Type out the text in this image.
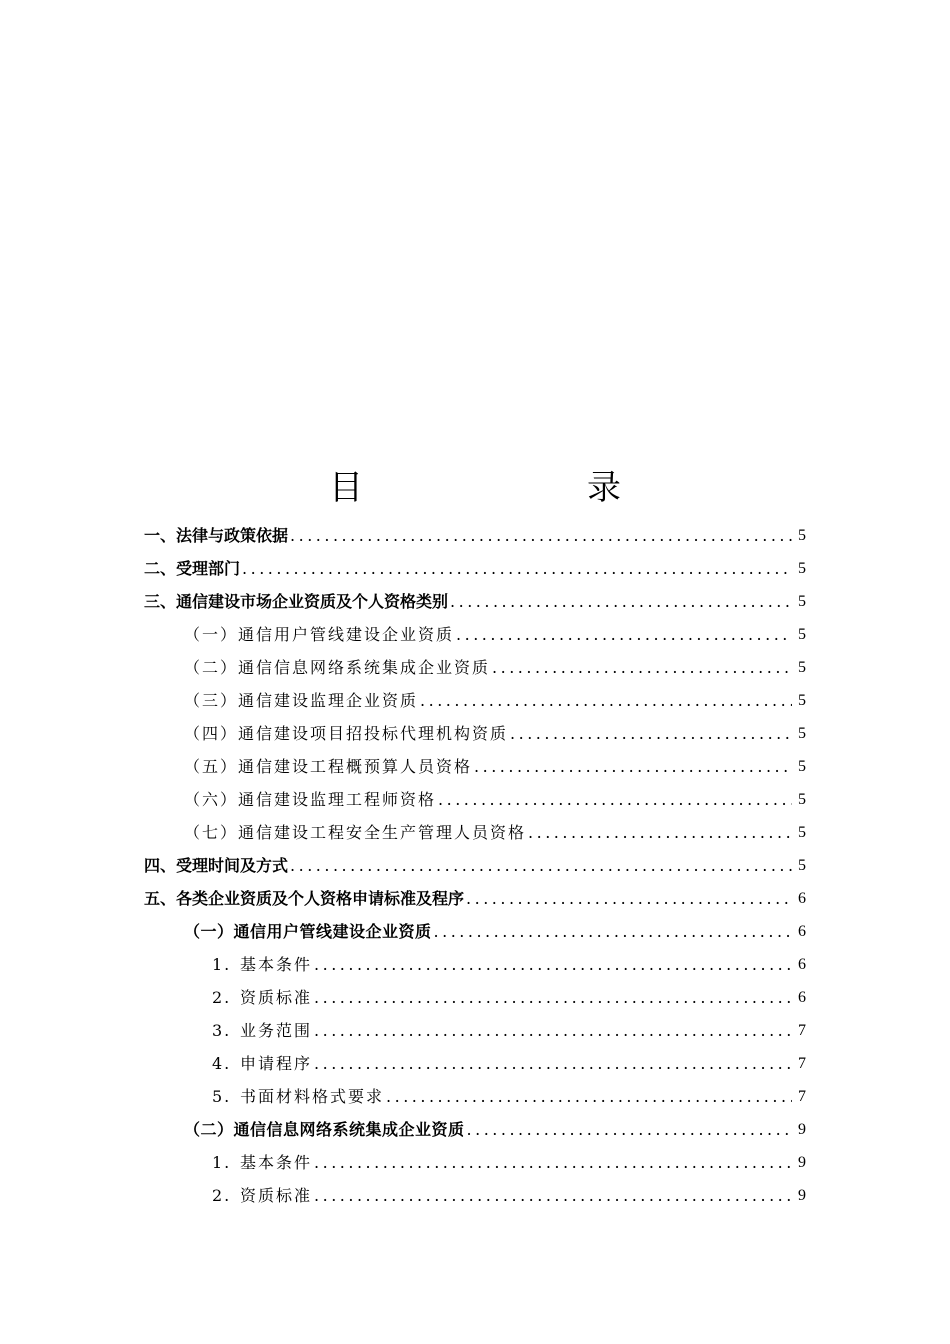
目　　录
一、法律与政策依据 .....	5
二、受理部门 .....	5
三、通信建设市场企业资质及个人资格类别 .....	5
（一）通信用户管线建设企业资质 .....	5
（二）通信信息网络系统集成企业资质 .....	5
（三）通信建设监理企业资质 .....	5
（四）通信建设项目招投标代理机构资质 .....	5
（五）通信建设工程概预算人员资格 .....	5
（六）通信建设监理工程师资格 .....	5
（七）通信建设工程安全生产管理人员资格 .....	5
四、受理时间及方式 .....	5
五、各类企业资质及个人资格申请标准及程序 .....	6
（一）通信用户管线建设企业资质 .....	6
1. 基本条件 .....	6
2. 资质标准 .....	6
3. 业务范围 .....	7
4. 申请程序 .....	7
5. 书面材料格式要求 .....	7
（二）通信信息网络系统集成企业资质 .....	9
1. 基本条件 .....	9
2. 资质标准 .....	9
